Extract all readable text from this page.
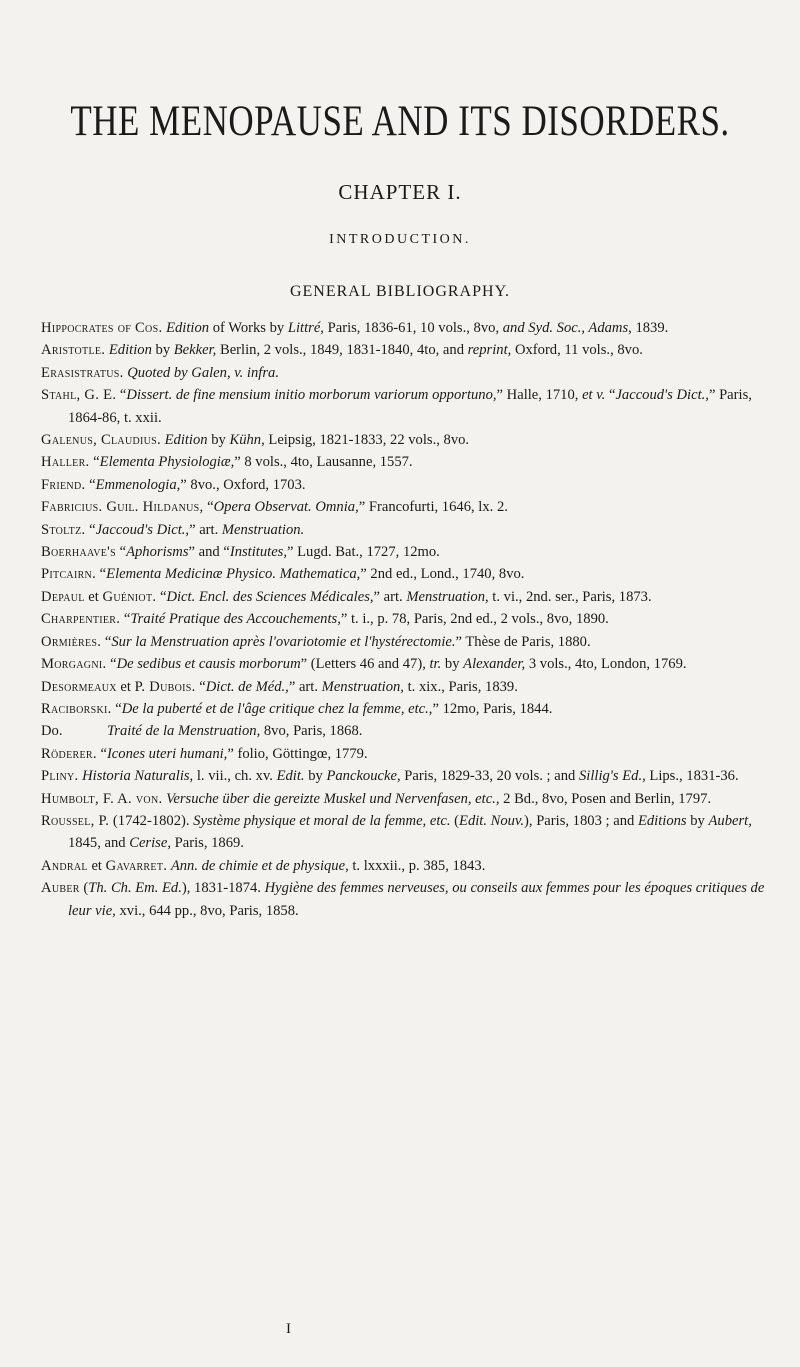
THE MENOPAUSE AND ITS DISORDERS.
CHAPTER I.
INTRODUCTION.
GENERAL BIBLIOGRAPHY.

Hippocrates of Cos. Edition of Works by Littré, Paris, 1836-61, 10 vols., 8vo, and Syd. Soc., Adams, 1839.

Aristotle. Edition by Bekker, Berlin, 2 vols., 1849, 1831-1840, 4to, and reprint, Oxford, 11 vols., 8vo.

Erasistratus. Quoted by Galen, v. infra.

Stahl, G. E. “Dissert. de fine mensium initio morborum variorum opportuno,” Halle, 1710, et v. “Jaccoud's Dict.,” Paris, 1864-86, t. xxii.

Galenus, Claudius. Edition by Kühn, Leipsig, 1821-1833, 22 vols., 8vo.

Haller. “Elementa Physiologiæ,” 8 vols., 4to, Lausanne, 1557.

Friend. “Emmenologia,” 8vo., Oxford, 1703.

Fabricius. Guil. Hildanus, “Opera Observat. Omnia,” Francofurti, 1646, lx. 2.

Stoltz. “Jaccoud's Dict.,” art. Menstruation.

Boerhaave's “Aphorisms” and “Institutes,” Lugd. Bat., 1727, 12mo.

Pitcairn. “Elementa Medicinæ Physico. Mathematica,” 2nd ed., Lond., 1740, 8vo.

Depaul et Guéniot. “Dict. Encl. des Sciences Médicales,” art. Menstruation, t. vi., 2nd. ser., Paris, 1873.

Charpentier. “Traité Pratique des Accouchements,” t. i., p. 78, Paris, 2nd ed., 2 vols., 8vo, 1890.

Ormières. “Sur la Menstruation après l'ovariotomie et l'hystérectomie.” Thèse de Paris, 1880.

Morgagni. “De sedibus et causis morborum” (Letters 46 and 47), tr. by Alexander, 3 vols., 4to, London, 1769.

Desormeaux et P. Dubois. “Dict. de Méd.,” art. Menstruation, t. xix., Paris, 1839.

Raciborski. “De la puberté et de l'âge critique chez la femme, etc.,” 12mo, Paris, 1844.

Do.	Traité de la Menstruation, 8vo, Paris, 1868.

Röderer. “Icones uteri humani,” folio, Göttingœ, 1779.

Pliny. Historia Naturalis, l. vii., ch. xv. Edit. by Panckoucke, Paris, 1829-33, 20 vols. ; and Sillig's Ed., Lips., 1831-36.

Humbolt, F. A. von. Versuche über die gereizte Muskel und Nervenfasen, etc., 2 Bd., 8vo, Posen and Berlin, 1797.

Roussel, P. (1742-1802). Système physique et moral de la femme, etc. (Edit. Nouv.), Paris, 1803 ; and Editions by Aubert, 1845, and Cerise, Paris, 1869.

Andral et Gavarret. Ann. de chimie et de physique, t. lxxxii., p. 385, 1843.

Auber (Th. Ch. Em. Ed.), 1831-1874. Hygiène des femmes nerveuses, ou conseils aux femmes pour les époques critiques de leur vie, xvi., 644 pp., 8vo, Paris, 1858.

I
